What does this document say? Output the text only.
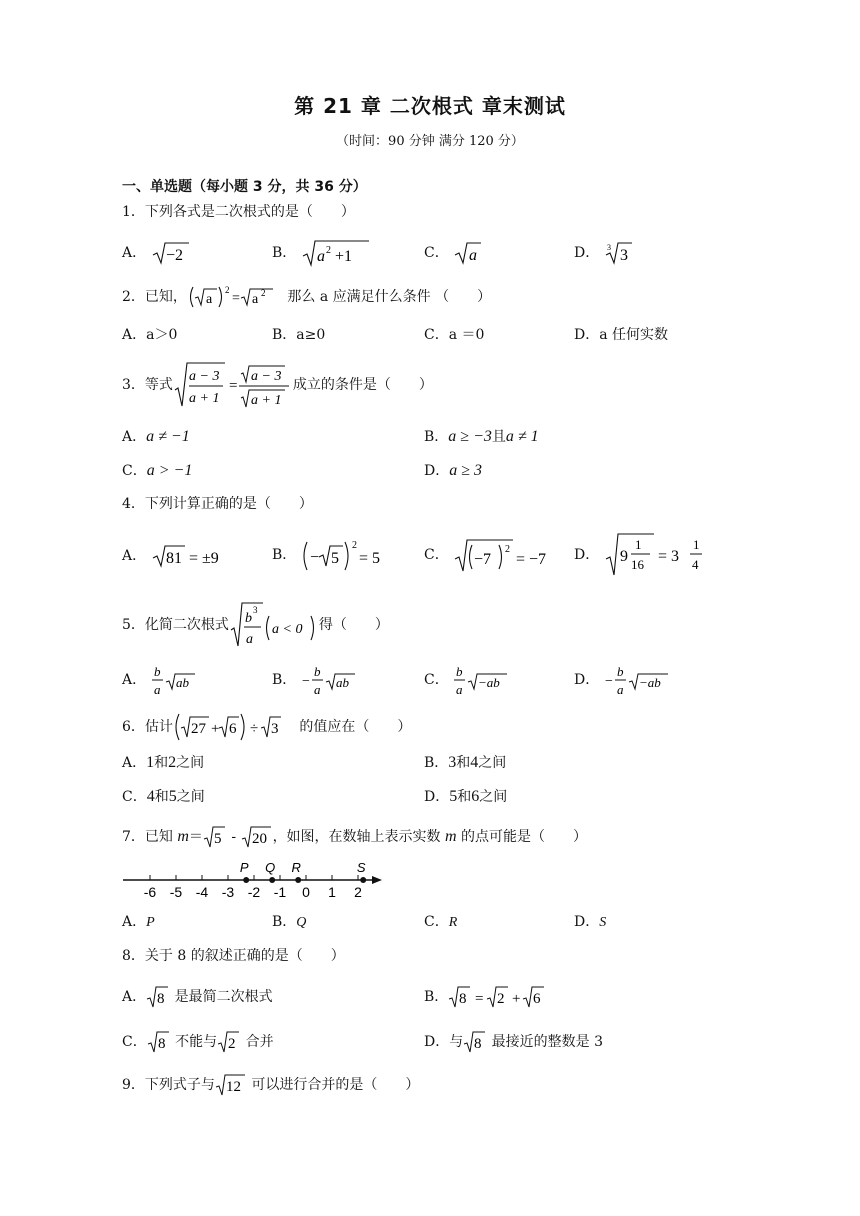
第 21 章 二次根式 章末测试
（时间：90 分钟 满分 120 分）
一、单选题（每小题 3 分，共 36 分）
1．下列各式是二次根式的是（　　）
A． −2	B． a 2 +1	C． a	D． 3 3
2．已知， a
2
= a 2 那么 a 应满足什么条件 （　　）
A．a＞0	B．a≥0	C．a ＝0	D．a 任何实数
3．等式
a − 3
a + 1
=
a − 3
a + 1
成立的条件是（　　）
A．a ≠ −1	B．a ≥ −3且a ≠ 1
C．a > −1	D．a ≥ 3
4．下列计算正确的是（　　）
A． 81 = ±9	B． − 5
2
= 5	C． −7
2
= −7 D． 9
1
16 = 3
1
4
5．化简二次根式 b
3
a
a < 0 得（　　）
A．
b
a ab	B． −
b
a ab	C．
b
a −ab	D． −
b
a −ab
6．估计 27 + 6 ÷ 3 的值应在（　　）
A．1和2之间	B．3和4之间
C．4和5之间	D．5和6之间
7．已知 m＝ 5 - 20 ，如图，在数轴上表示实数 m 的点可能是（　　）
-6 -5 -4 -3 -2 -1 0 1 2
P Q R	S
A．P	B．Q	C．R	D．S
8．关于 8 的叙述正确的是（　　）
A． 8 是最简二次根式	B． 8 = 2 + 6
C． 8 不能与 2 合并	D．与 8 最接近的整数是 3
9．下列式子与 12 可以进行合并的是（　　）
